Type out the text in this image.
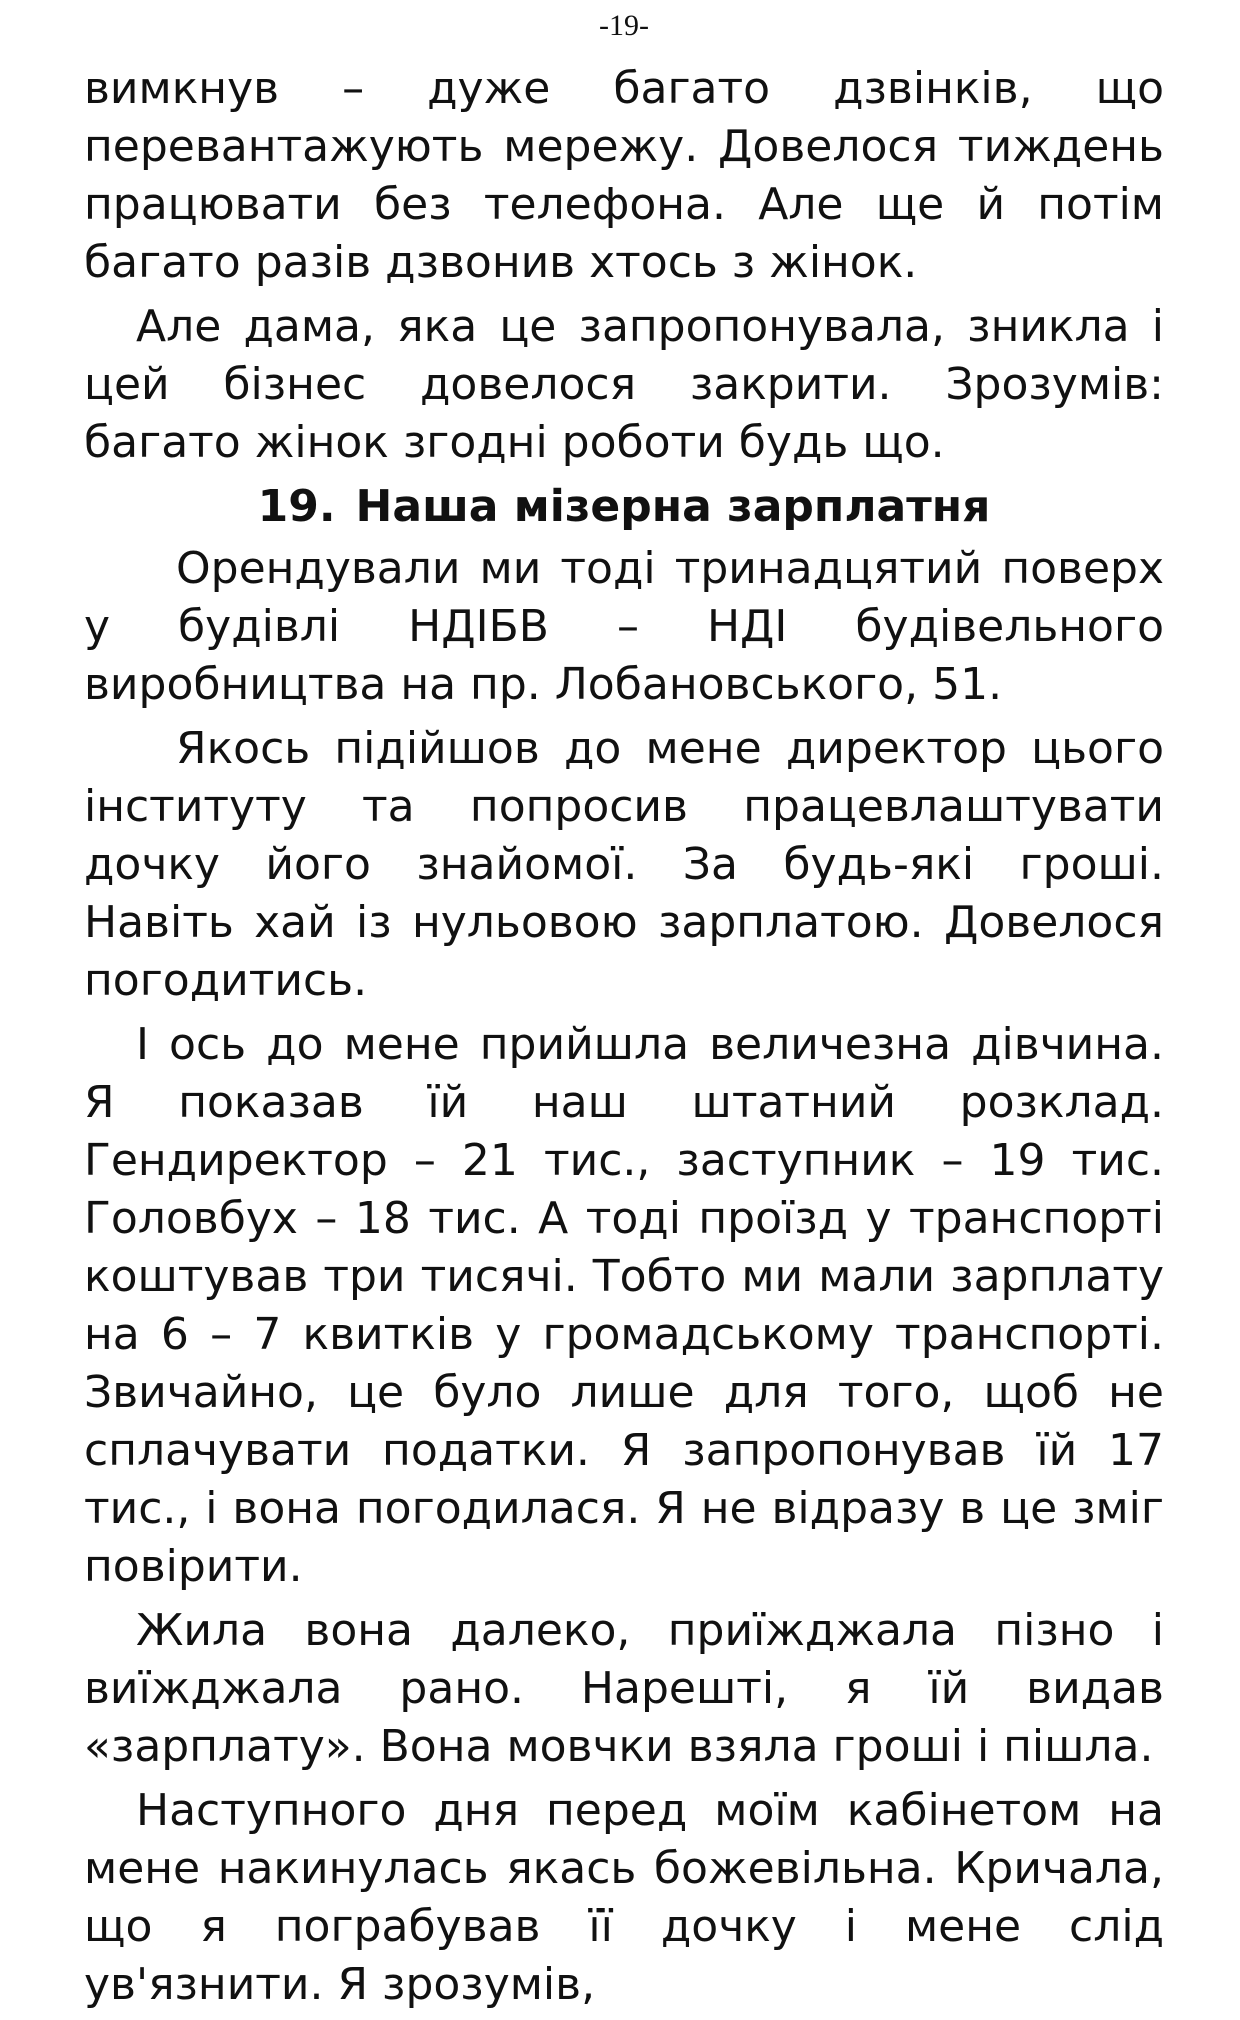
-19-

вимкнув – дуже багато дзвінків, що перевантажують мережу. Довелося тиждень працювати без телефона. Але ще й потім багато разів дзвонив хтось з жінок.

Але дама, яка це запропонувала, зникла і цей бізнес довелося закрити. Зрозумів: багато жінок згодні роботи будь що.

19. Наша мізерна зарплатня

Орендували ми тоді тринадцятий поверх у будівлі НДІБВ – НДІ будівельного виробництва на пр. Лобановського, 51.

Якось підійшов до мене директор цього інституту та попросив працевлаштувати дочку його знайомої. За будь-які гроші. Навіть хай із нульовою зарплатою. Довелося погодитись.

І ось до мене прийшла величезна дівчина. Я показав їй наш штатний розклад. Гендиректор – 21 тис., заступник – 19 тис. Головбух – 18 тис. А тоді проїзд у транспорті коштував три тисячі. Тобто ми мали зарплату на 6 – 7 квитків у громадському транспорті. Звичайно, це було лише для того, щоб не сплачувати податки. Я запропонував їй 17 тис., і вона погодилася. Я не відразу в це зміг повірити.

Жила вона далеко, приїжджала пізно і виїжджала рано. Нарешті, я їй видав «зарплату». Вона мовчки взяла гроші і пішла.

Наступного дня перед моїм кабінетом на мене накинулась якась божевільна. Кричала, що я пограбував її дочку і мене слід ув'язнити. Я зрозумів,
